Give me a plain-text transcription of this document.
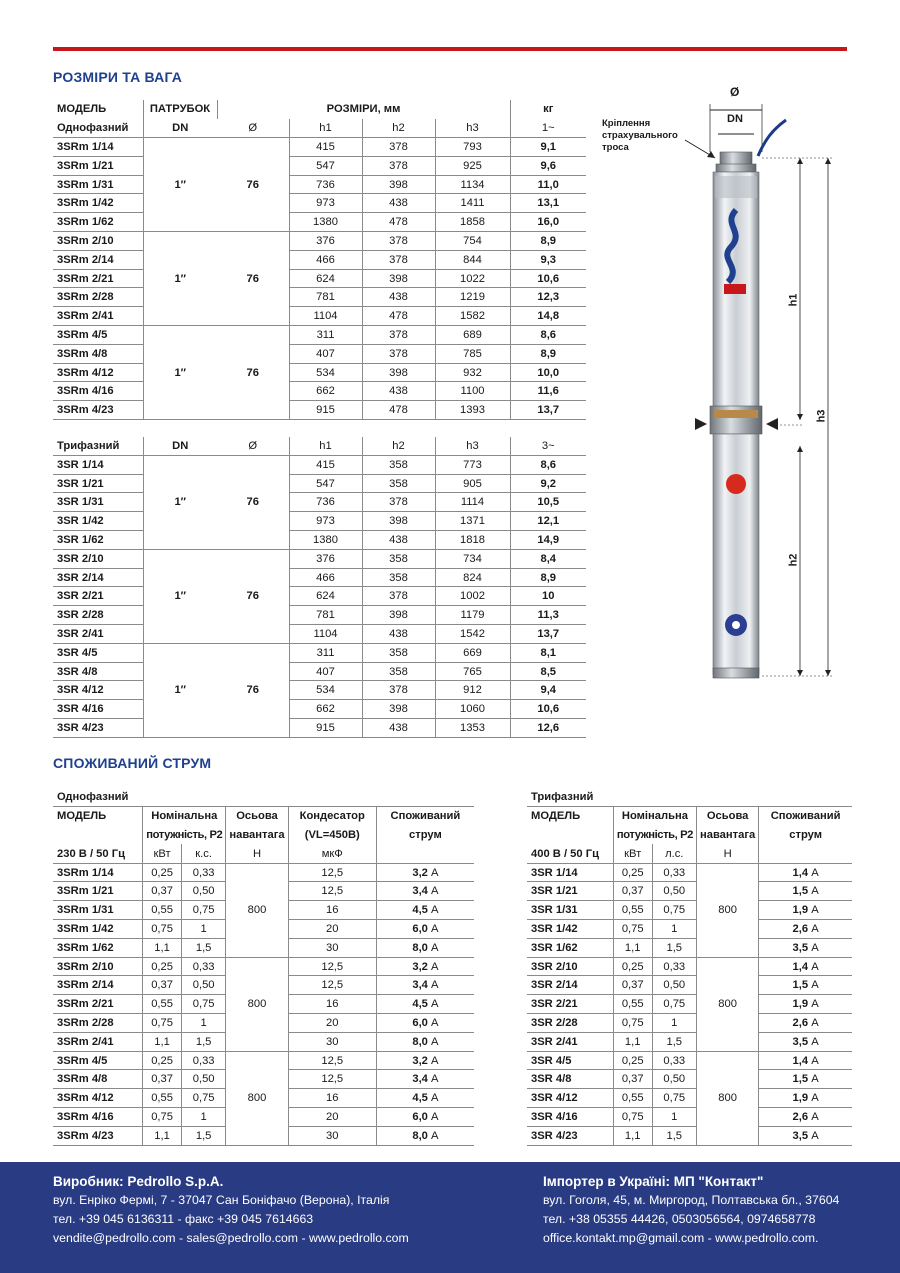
РОЗМІРИ ТА ВАГА
МОДЕЛЬ	ПАТРУБОК	РОЗМІРИ, мм				кг
Однофазний	DN	Ø	h1	h2	h3	1~
3SRm 1/14	1″	76	415	378	793	9,1
3SRm 1/21			547	378	925	9,6
3SRm 1/31			736	398	1134	11,0
3SRm 1/42			973	438	1411	13,1
3SRm 1/62			1380	478	1858	16,0
3SRm 2/10	1″	76	376	378	754	8,9
3SRm 2/14			466	378	844	9,3
3SRm 2/21			624	398	1022	10,6
3SRm 2/28			781	438	1219	12,3
3SRm 2/41			1104	478	1582	14,8
3SRm 4/5	1″	76	311	378	689	8,6
3SRm 4/8			407	378	785	8,9
3SRm 4/12			534	398	932	10,0
3SRm 4/16			662	438	1100	11,6
3SRm 4/23			915	478	1393	13,7

Трифазний	DN	Ø	h1	h2	h3	3~
3SR 1/14	1″	76	415	358	773	8,6
3SR 1/21			547	358	905	9,2
3SR 1/31			736	378	1114	10,5
3SR 1/42			973	398	1371	12,1
3SR 1/62			1380	438	1818	14,9
3SR 2/10	1″	76	376	358	734	8,4
3SR 2/14			466	358	824	8,9
3SR 2/21			624	378	1002	10
3SR 2/28			781	398	1179	11,3
3SR 2/41			1104	438	1542	13,7
3SR 4/5	1″	76	311	358	669	8,1
3SR 4/8			407	358	765	8,5
3SR 4/12			534	378	912	9,4
3SR 4/16			662	398	1060	10,6
3SR 4/23			915	438	1353	12,6
Ø
DN
Кріплення
страхувального
троса
h1
h3
h2
СПОЖИВАНИЙ СТРУМ
Однофазний					
МОДЕЛЬ	Номінальна		Осьова	Кондесатор	Споживаний
	потужність, P2		навантага	(VL=450B)	струм
230 В / 50 Гц	кВт	к.с.	Н	мкФ	
3SRm 1/14	0,25	0,33	800	12,5	3,2 А
3SRm 1/21	0,37	0,50		12,5	3,4 А
3SRm 1/31	0,55	0,75		16	4,5 А
3SRm 1/42	0,75	1		20	6,0 А
3SRm 1/62	1,1	1,5		30	8,0 А
3SRm 2/10	0,25	0,33	800	12,5	3,2 А
3SRm 2/14	0,37	0,50		12,5	3,4 А
3SRm 2/21	0,55	0,75		16	4,5 А
3SRm 2/28	0,75	1		20	6,0 А
3SRm 2/41	1,1	1,5		30	8,0 А
3SRm 4/5	0,25	0,33	800	12,5	3,2 А
3SRm 4/8	0,37	0,50		12,5	3,4 А
3SRm 4/12	0,55	0,75		16	4,5 А
3SRm 4/16	0,75	1		20	6,0 А
3SRm 4/23	1,1	1,5		30	8,0 А
Трифазний				
МОДЕЛЬ	Номінальна		Осьова	Споживаний
	потужність, P2		навантага	струм
400 В / 50 Гц	кВт	л.с.	Н	
3SR 1/14	0,25	0,33	800	1,4 А
3SR 1/21	0,37	0,50		1,5 А
3SR 1/31	0,55	0,75		1,9 А
3SR 1/42	0,75	1		2,6 А
3SR 1/62	1,1	1,5		3,5 А
3SR 2/10	0,25	0,33	800	1,4 А
3SR 2/14	0,37	0,50		1,5 А
3SR 2/21	0,55	0,75		1,9 А
3SR 2/28	0,75	1		2,6 А
3SR 2/41	1,1	1,5		3,5 А
3SR 4/5	0,25	0,33	800	1,4 А
3SR 4/8	0,37	0,50		1,5 А
3SR 4/12	0,55	0,75		1,9 А
3SR 4/16	0,75	1		2,6 А
3SR 4/23	1,1	1,5		3,5 А
Виробник: Pedrollo S.p.A.
вул. Енріко Фермі, 7 - 37047 Сан Боніфачо (Верона), Італія
тел. +39 045 6136311 - факс +39 045 7614663
vendite@pedrollo.com - sales@pedrollo.com - www.pedrollo.com
Імпортер в Україні: МП "Контакт"
вул. Гоголя, 45, м. Миргород, Полтавська бл., 37604
тел. +38 05355 44426, 0503056564, 0974658778
office.kontakt.mp@gmail.com - www.pedrollo.com.
